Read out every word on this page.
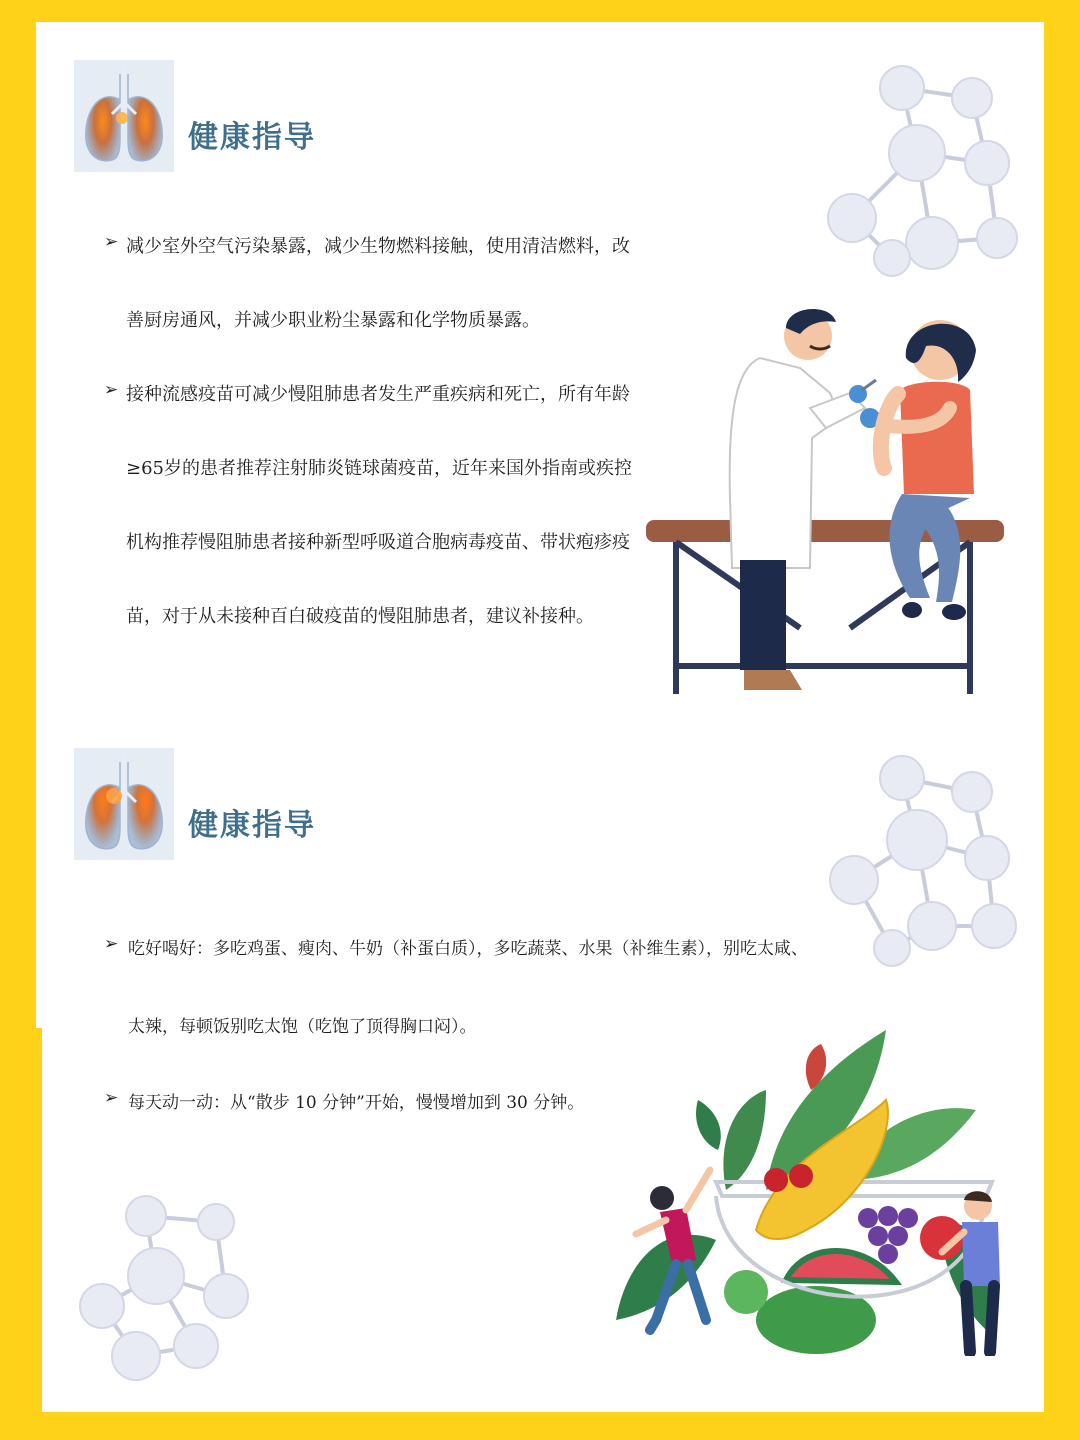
健康指导
➢ 减少室外空气污染暴露，减少生物燃料接触，使用清洁燃料，改
善厨房通风，并减少职业粉尘暴露和化学物质暴露。
➢ 接种流感疫苗可减少慢阻肺患者发生严重疾病和死亡，所有年龄
≥65岁的患者推荐注射肺炎链球菌疫苗，近年来国外指南或疾控
机构推荐慢阻肺患者接种新型呼吸道合胞病毒疫苗、带状疱疹疫
苗，对于从未接种百白破疫苗的慢阻肺患者，建议补接种。
健康指导
➢ 吃好喝好：多吃鸡蛋、瘦肉、牛奶（补蛋白质），多吃蔬菜、水果（补维生素），别吃太咸、
太辣，每顿饭别吃太饱（吃饱了顶得胸口闷）。
➢ 每天动一动：从“散步 10 分钟”开始，慢慢增加到 30 分钟。
